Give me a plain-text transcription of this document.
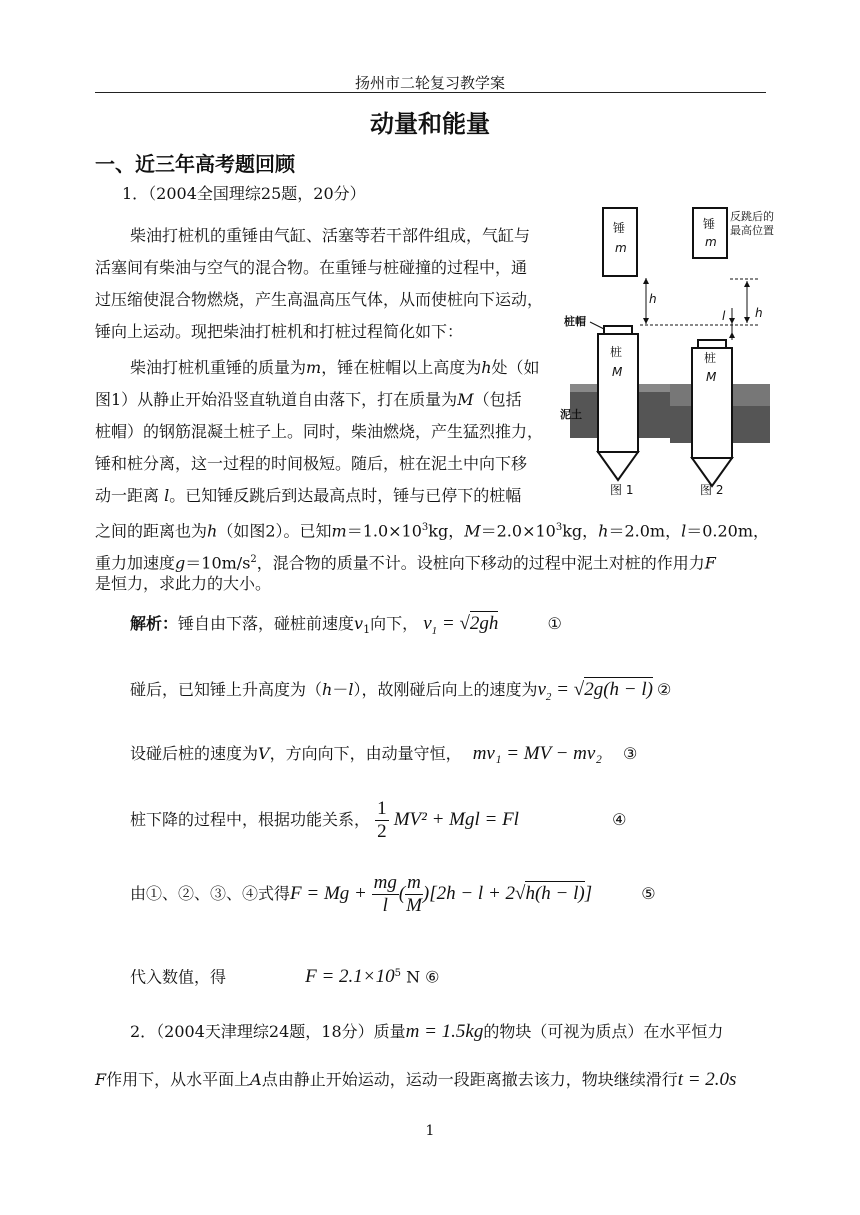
扬州市二轮复习教学案
动量和能量
一、近三年高考题回顾
1．（2004全国理综25题，20分）
柴油打桩机的重锤由气缸、活塞等若干部件组成，气缸与
活塞间有柴油与空气的混合物。在重锤与桩碰撞的过程中，通
过压缩使混合物燃烧，产生高温高压气体，从而使桩向下运动，
锤向上运动。现把柴油打桩机和打桩过程简化如下：
柴油打桩机重锤的质量为m，锤在桩帽以上高度为h处（如
图1）从静止开始沿竖直轨道自由落下，打在质量为M（包括
桩帽）的钢筋混凝土桩子上。同时，柴油燃烧，产生猛烈推力，
锤和桩分离，这一过程的时间极短。随后，桩在泥土中向下移
动一距离 l。已知锤反跳后到达最高点时，锤与已停下的桩幅
之间的距离也为h（如图2）。已知$m=1.0\times 10^3kg$，$M=2.0\times 10^3kg$，h＝2.0m，l＝0.20m，
重力加速度$g=10m/s^2$，混合物的质量不计。设桩向下移动的过程中泥土对桩的作用力F
是恒力，求此力的大小。
锤
m
锤
m
反跳后的
最高位置
h
h
l
桩帽
桩
M
桩
M
泥土
图 1	图 2
解析：锤自由下落，碰桩前速度$v_1$向下， $v_1 = √2gh$	①
碰后，已知锤上升高度为（h－l），故刚碰后向上的速度为$v_2 = √2g(h - l)$ ②
设碰后桩的速度为V，方向向下，由动量守恒， mv₁ = MV − mv₂ ③
桩下降的过程中，根据功能关系， $\frac{1}{2} MV^2$ + Mgl = Fl	④
由①、②、③、④式得$F = Mg + \frac{mg}{l}$ ( $\frac{m}{M} )[2h - l + 2√h(h - l)]$	⑤
代入数值，得	$F = 2.1\times 10^5$ N ⑥
2．（2004天津理综24题，18分）质量m = 1.5kg的物块（可视为质点）在水平恒力
F作用下，从水平面上A点由静止开始运动，运动一段距离撤去该力，物块继续滑行t = 2.0s
1
